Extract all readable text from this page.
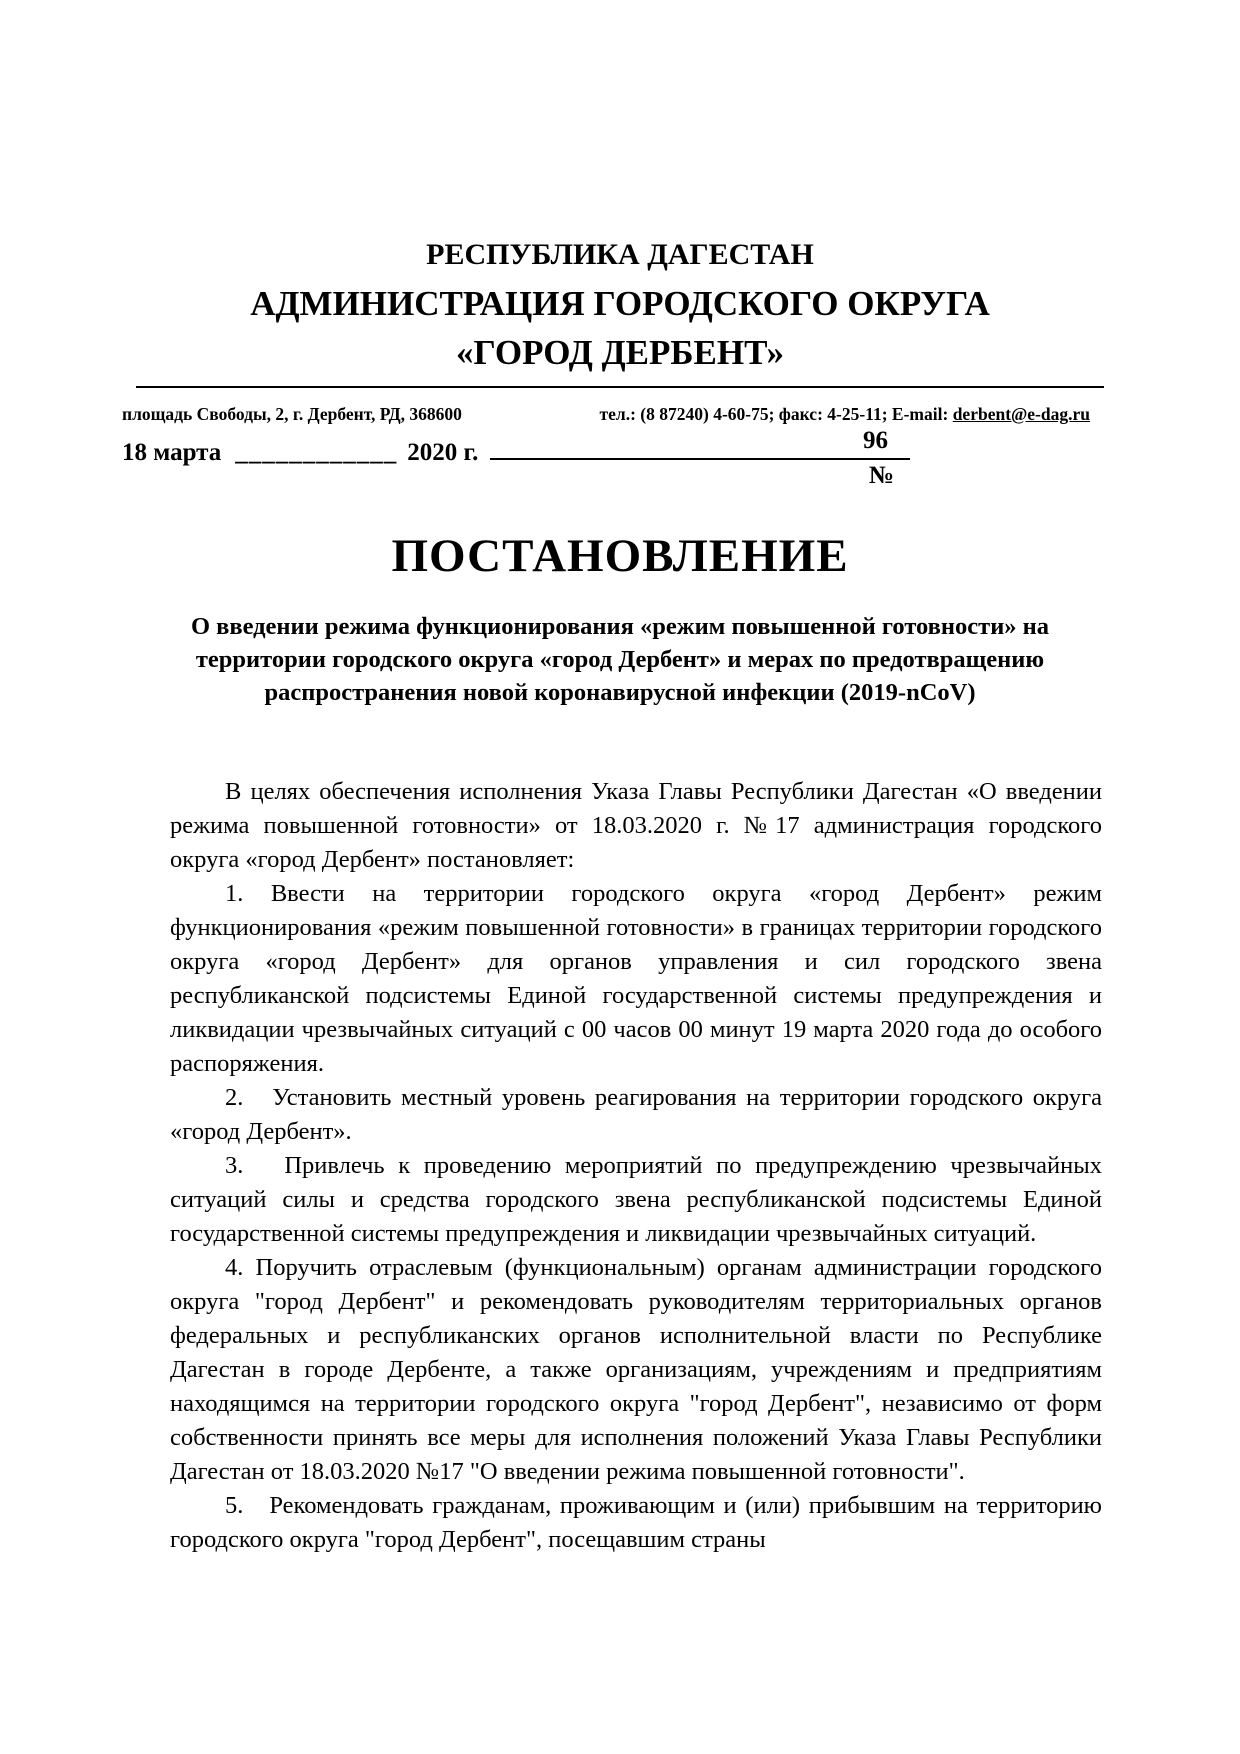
РЕСПУБЛИКА ДАГЕСТАН
АДМИНИСТРАЦИЯ ГОРОДСКОГО ОКРУГА
«ГОРОД ДЕРБЕНТ»
площадь Свободы, 2, г. Дербент, РД, 368600	тел.: (8 87240) 4-60-75; факс: 4-25-11; E-mail: derbent@e-dag.ru
18 марта ____________ 2020 г.	96
№
ПОСТАНОВЛЕНИЕ

О введении режима функционирования «режим повышенной готовности» на территории городского округа «город Дербент» и мерах по предотвращению распространения новой коронавирусной инфекции (2019-nCoV)

В целях обеспечения исполнения Указа Главы Республики Дагестан «О введении режима повышенной готовности» от 18.03.2020 г. №17 администрация городского округа «город Дербент» постановляет:

1. Ввести на территории городского округа «город Дербент» режим функционирования «режим повышенной готовности» в границах территории городского округа «город Дербент» для органов управления и сил городского звена республиканской подсистемы Единой государственной системы предупреждения и ликвидации чрезвычайных ситуаций с 00 часов 00 минут 19 марта 2020 года до особого распоряжения.

2.   Установить местный уровень реагирования на территории городского округа «город Дербент».

3.   Привлечь к проведению мероприятий по предупреждению чрезвычайных ситуаций силы и средства городского звена республиканской подсистемы Единой государственной системы предупреждения и ликвидации чрезвычайных ситуаций.

4. Поручить отраслевым (функциональным) органам администрации городского округа "город Дербент" и рекомендовать руководителям территориальных органов федеральных и республиканских органов исполнительной власти по Республике Дагестан в городе Дербенте, а также организациям, учреждениям и предприятиям находящимся на территории городского округа "город Дербент", независимо от форм собственности принять все меры для исполнения положений Указа Главы Республики Дагестан от 18.03.2020 №17 "О введении режима повышенной готовности".

5.   Рекомендовать гражданам, проживающим и (или) прибывшим на территорию городского округа "город Дербент", посещавшим страны
